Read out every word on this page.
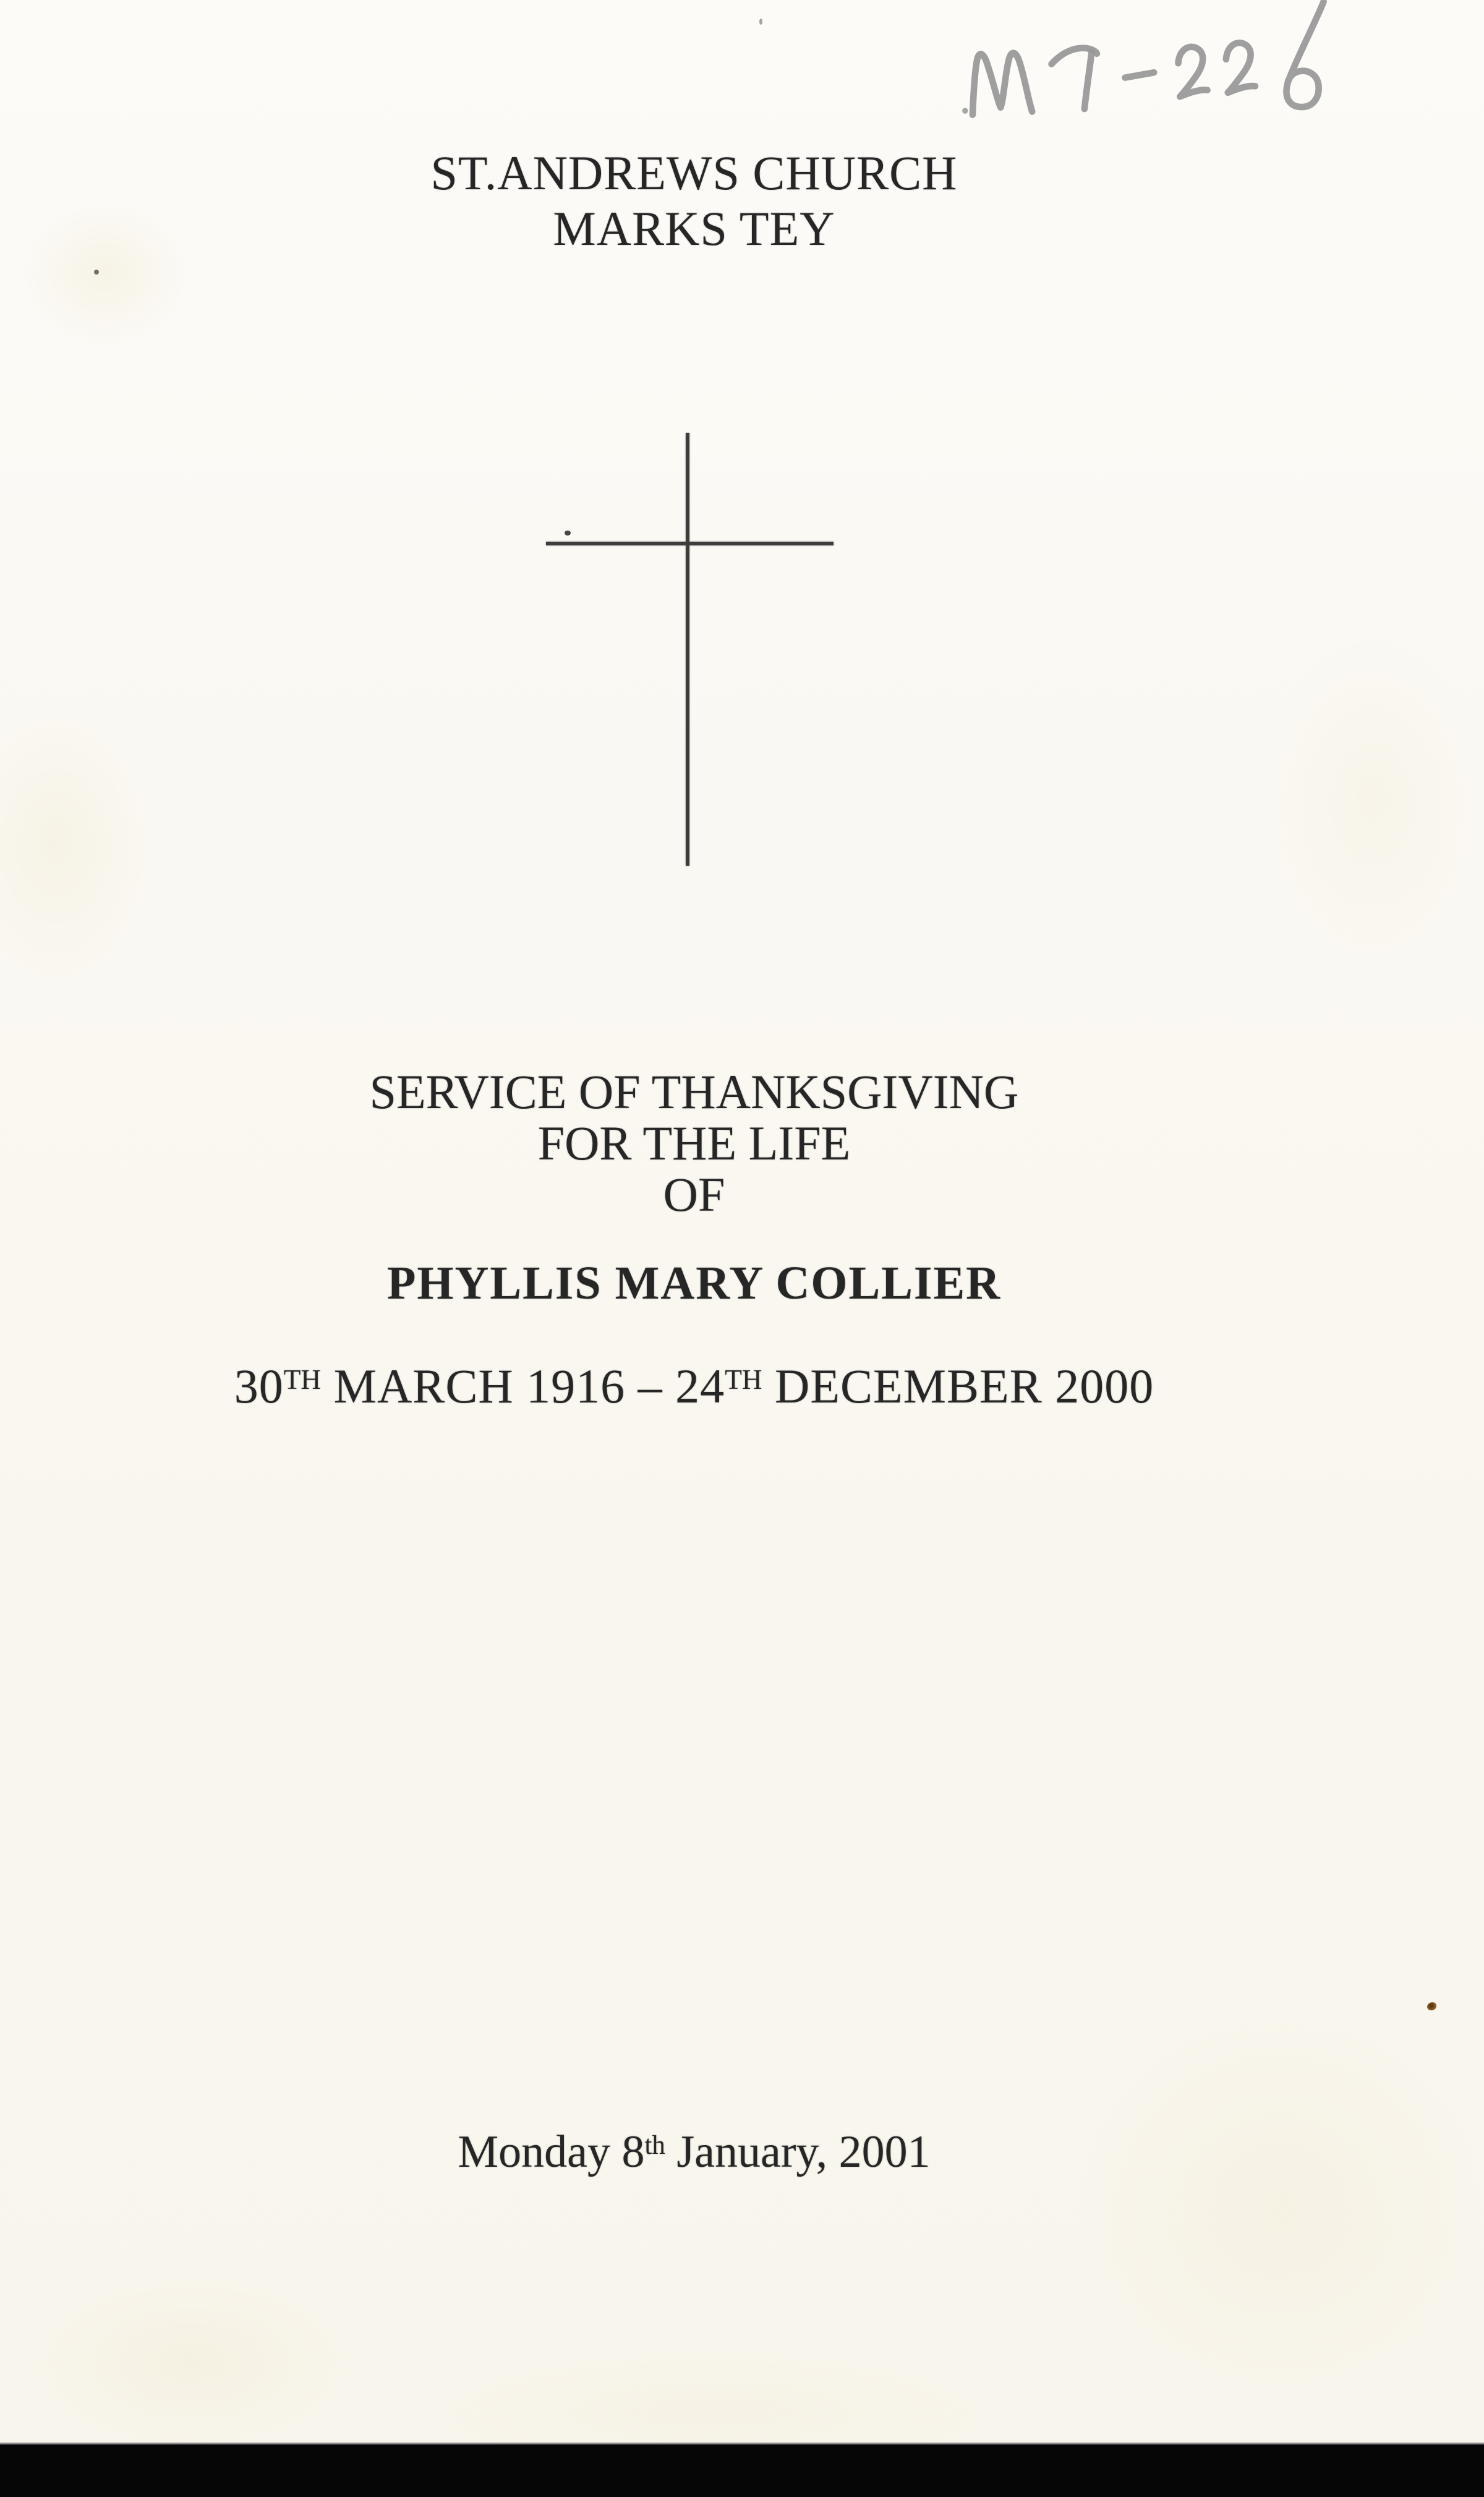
ST.ANDREWS CHURCH
MARKS TEY
SERVICE OF THANKSGIVING
FOR THE LIFE
OF
PHYLLIS MARY COLLIER
30TH MARCH 1916 – 24TH DECEMBER 2000
Monday 8th January, 2001
